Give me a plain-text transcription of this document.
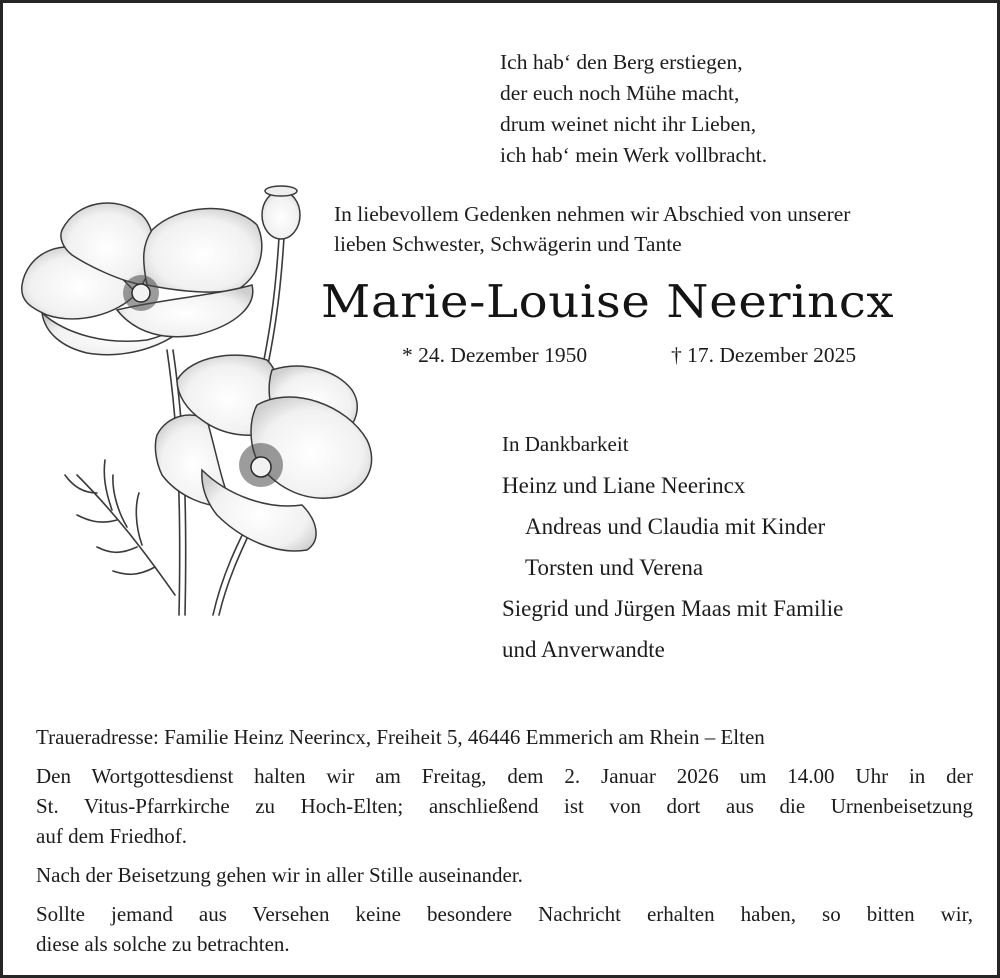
Ich hab‘ den Berg erstiegen,
der euch noch Mühe macht,
drum weinet nicht ihr Lieben,
ich hab‘ mein Werk vollbracht.
In liebevollem Gedenken nehmen wir Abschied von unserer
lieben Schwester, Schwägerin und Tante
Marie-Louise Neerincx
* 24. Dezember 1950	† 17. Dezember 2025
In Dankbarkeit
Heinz und Liane Neerincx
Andreas und Claudia mit Kinder
Torsten und Verena
Siegrid und Jürgen Maas mit Familie
und Anverwandte

Traueradresse: Familie Heinz Neerincx, Freiheit 5, 46446 Emmerich am Rhein – Elten

Den Wortgottesdienst halten wir am Freitag, dem 2. Januar 2026 um 14.00 Uhr in der
St. Vitus-Pfarrkirche zu Hoch-Elten; anschließend ist von dort aus die Urnenbeisetzung
auf dem Friedhof.

Nach der Beisetzung gehen wir in aller Stille auseinander.

Sollte jemand aus Versehen keine besondere Nachricht erhalten haben, so bitten wir,
diese als solche zu betrachten.
